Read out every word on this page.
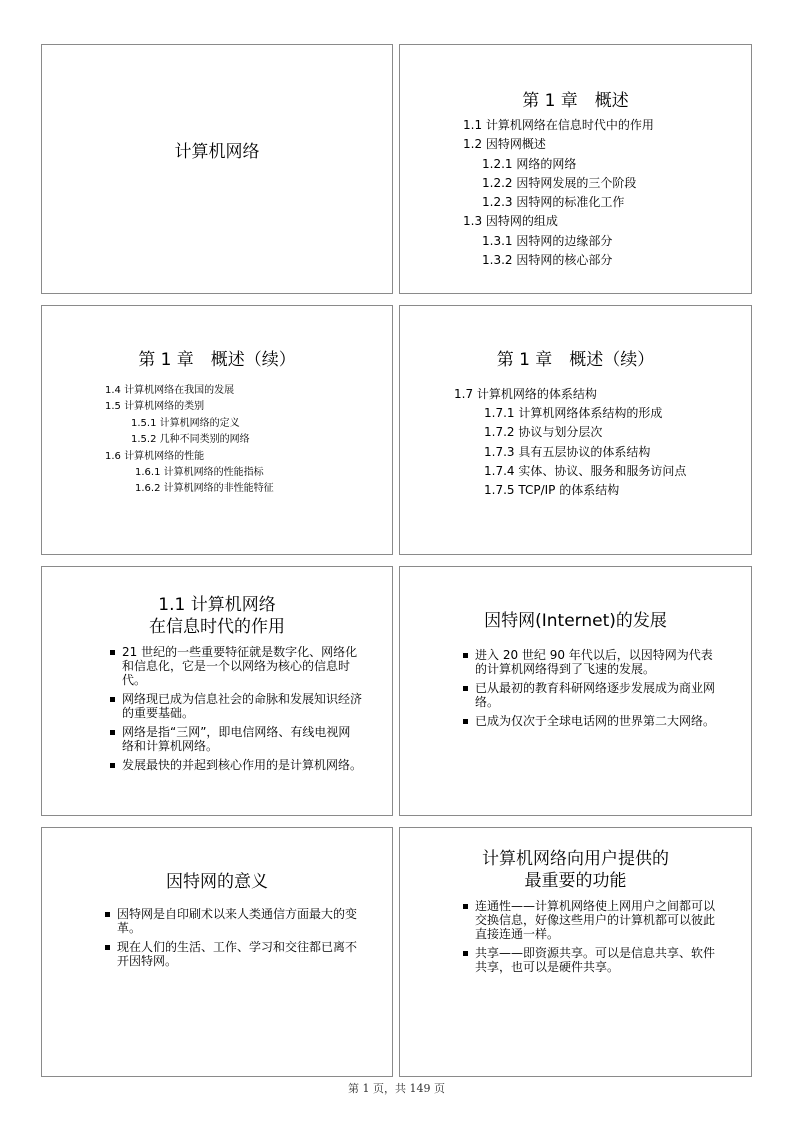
计算机网络
第 1 章　概述
1.1 计算机网络在信息时代中的作用
1.2 因特网概述
1.2.1 网络的网络
1.2.2 因特网发展的三个阶段
1.2.3 因特网的标准化工作
1.3 因特网的组成
1.3.1 因特网的边缘部分
1.3.2 因特网的核心部分
第 1 章　概述（续）
1.4 计算机网络在我国的发展
1.5 计算机网络的类别
1.5.1 计算机网络的定义
1.5.2 几种不同类别的网络
1.6 计算机网络的性能
1.6.1 计算机网络的性能指标
1.6.2 计算机网络的非性能特征
第 1 章　概述（续）
1.7 计算机网络的体系结构
1.7.1 计算机网络体系结构的形成
1.7.2 协议与划分层次
1.7.3 具有五层协议的体系结构
1.7.4 实体、协议、服务和服务访问点
1.7.5 TCP/IP 的体系结构
1.1 计算机网络
在信息时代的作用
21 世纪的一些重要特征就是数字化、网络化和信息化，它是一个以网络为核心的信息时代。
网络现已成为信息社会的命脉和发展知识经济的重要基础。
网络是指“三网”，即电信网络、有线电视网络和计算机网络。
发展最快的并起到核心作用的是计算机网络。
因特网(Internet)的发展
进入 20 世纪 90 年代以后，以因特网为代表的计算机网络得到了飞速的发展。
已从最初的教育科研网络逐步发展成为商业网络。
已成为仅次于全球电话网的世界第二大网络。
因特网的意义
因特网是自印刷术以来人类通信方面最大的变革。
现在人们的生活、工作、学习和交往都已离不开因特网。
计算机网络向用户提供的
最重要的功能
连通性——计算机网络使上网用户之间都可以交换信息，好像这些用户的计算机都可以彼此直接连通一样。
共享——即资源共享。可以是信息共享、软件共享，也可以是硬件共享。
第 1 页，共 149 页
